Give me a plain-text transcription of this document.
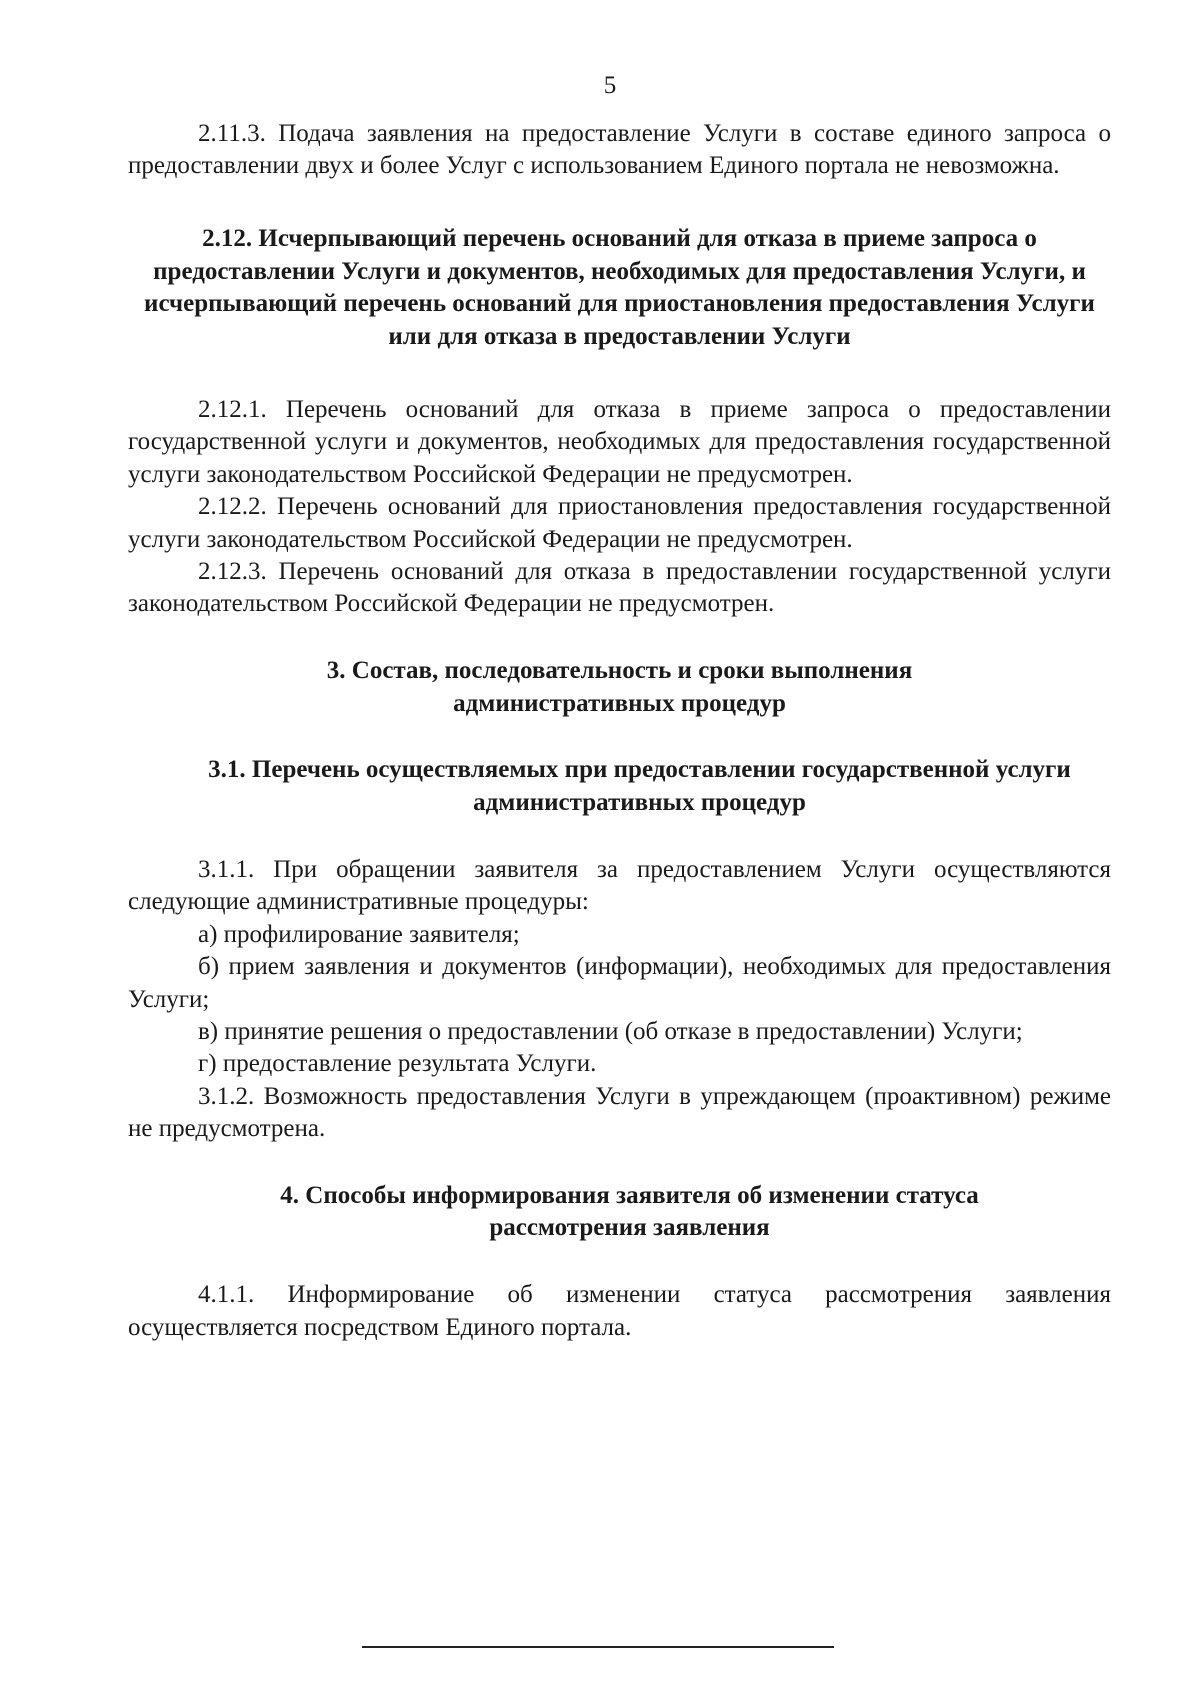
5

2.11.3. Подача заявления на предоставление Услуги в составе единого запроса о предоставлении двух и более Услуг с использованием Единого портала не невозможна.

2.12. Исчерпывающий перечень оснований для отказа в приеме запроса о предоставлении Услуги и документов, необходимых для предоставления Услуги, и исчерпывающий перечень оснований для приостановления предоставления Услуги или для отказа в предоставлении Услуги

2.12.1. Перечень оснований для отказа в приеме запроса о предоставлении государственной услуги и документов, необходимых для предоставления государственной услуги законодательством Российской Федерации не предусмотрен.

2.12.2. Перечень оснований для приостановления предоставления государственной услуги законодательством Российской Федерации не предусмотрен.

2.12.3. Перечень оснований для отказа в предоставлении государственной услуги законодательством Российской Федерации не предусмотрен.

3. Состав, последовательность и сроки выполнения административных процедур
3.1. Перечень осуществляемых при предоставлении государственной услуги административных процедур

3.1.1. При обращении заявителя за предоставлением Услуги осуществляются следующие административные процедуры:

а) профилирование заявителя;

б) прием заявления и документов (информации), необходимых для предоставления Услуги;

в) принятие решения о предоставлении (об отказе в предоставлении) Услуги;

г) предоставление результата Услуги.

3.1.2. Возможность предоставления Услуги в упреждающем (проактивном) режиме не предусмотрена.

4. Способы информирования заявителя об изменении статуса рассмотрения заявления

4.1.1. Информирование об изменении статуса рассмотрения заявления осуществляется посредством Единого портала.
